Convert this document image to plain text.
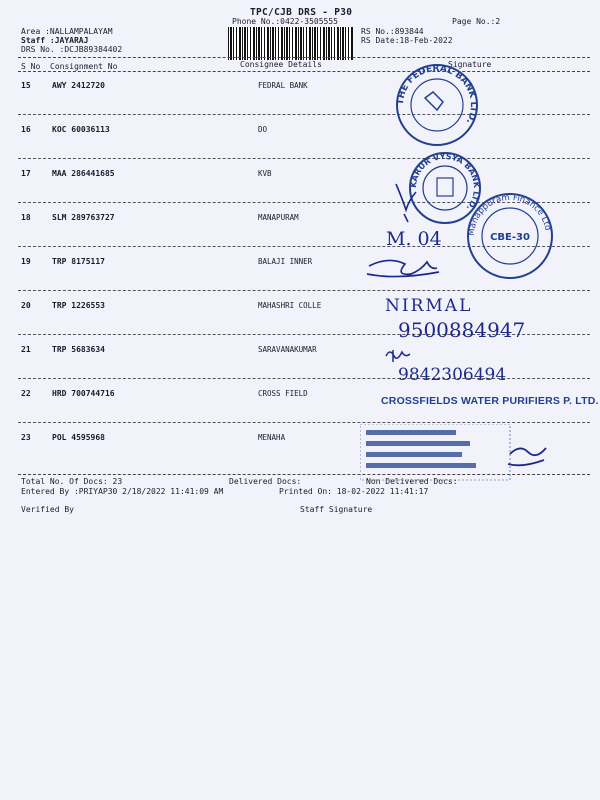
TPC/CJB DRS - P30
Phone No.:0422-3505555	Page No.:2
Area :NALLAMPALAYAM
Staff :JAYARAJ
DRS No. :DCJB89384402
RS No.:893844
RS Date:18-Feb-2022
S No Consignment No	Consignee Details	Signature
15	AWY 2412720	FEDRAL BANK
16	KOC 60036113	DO
17	MAA 286441685	KVB
18	SLM 289763727	MANAPURAM
19	TRP 8175117	BALAJI INNER
20	TRP 1226553	MAHASHRI COLLE
21	TRP 5683634	SARAVANAKUMAR
22	HRD 700744716	CROSS FIELD
23	POL 4595968	MENAHA
THE FEDERAL BANK LTD.
KARUR VYSYA BANK LTD.
Manappuram Finance Ltd
CBE-30
M. 04
NIRMAL
9500884947
9842306494
CROSSFIELDS WATER PURIFIERS P. LTD.
Total No. Of Docs: 23	Delivered Docs:	Non Delivered Docs:
Entered By :PRIYAP30 2/18/2022 11:41:09 AM	Printed On: 18-02-2022 11:41:17
Verified By	Staff Signature
